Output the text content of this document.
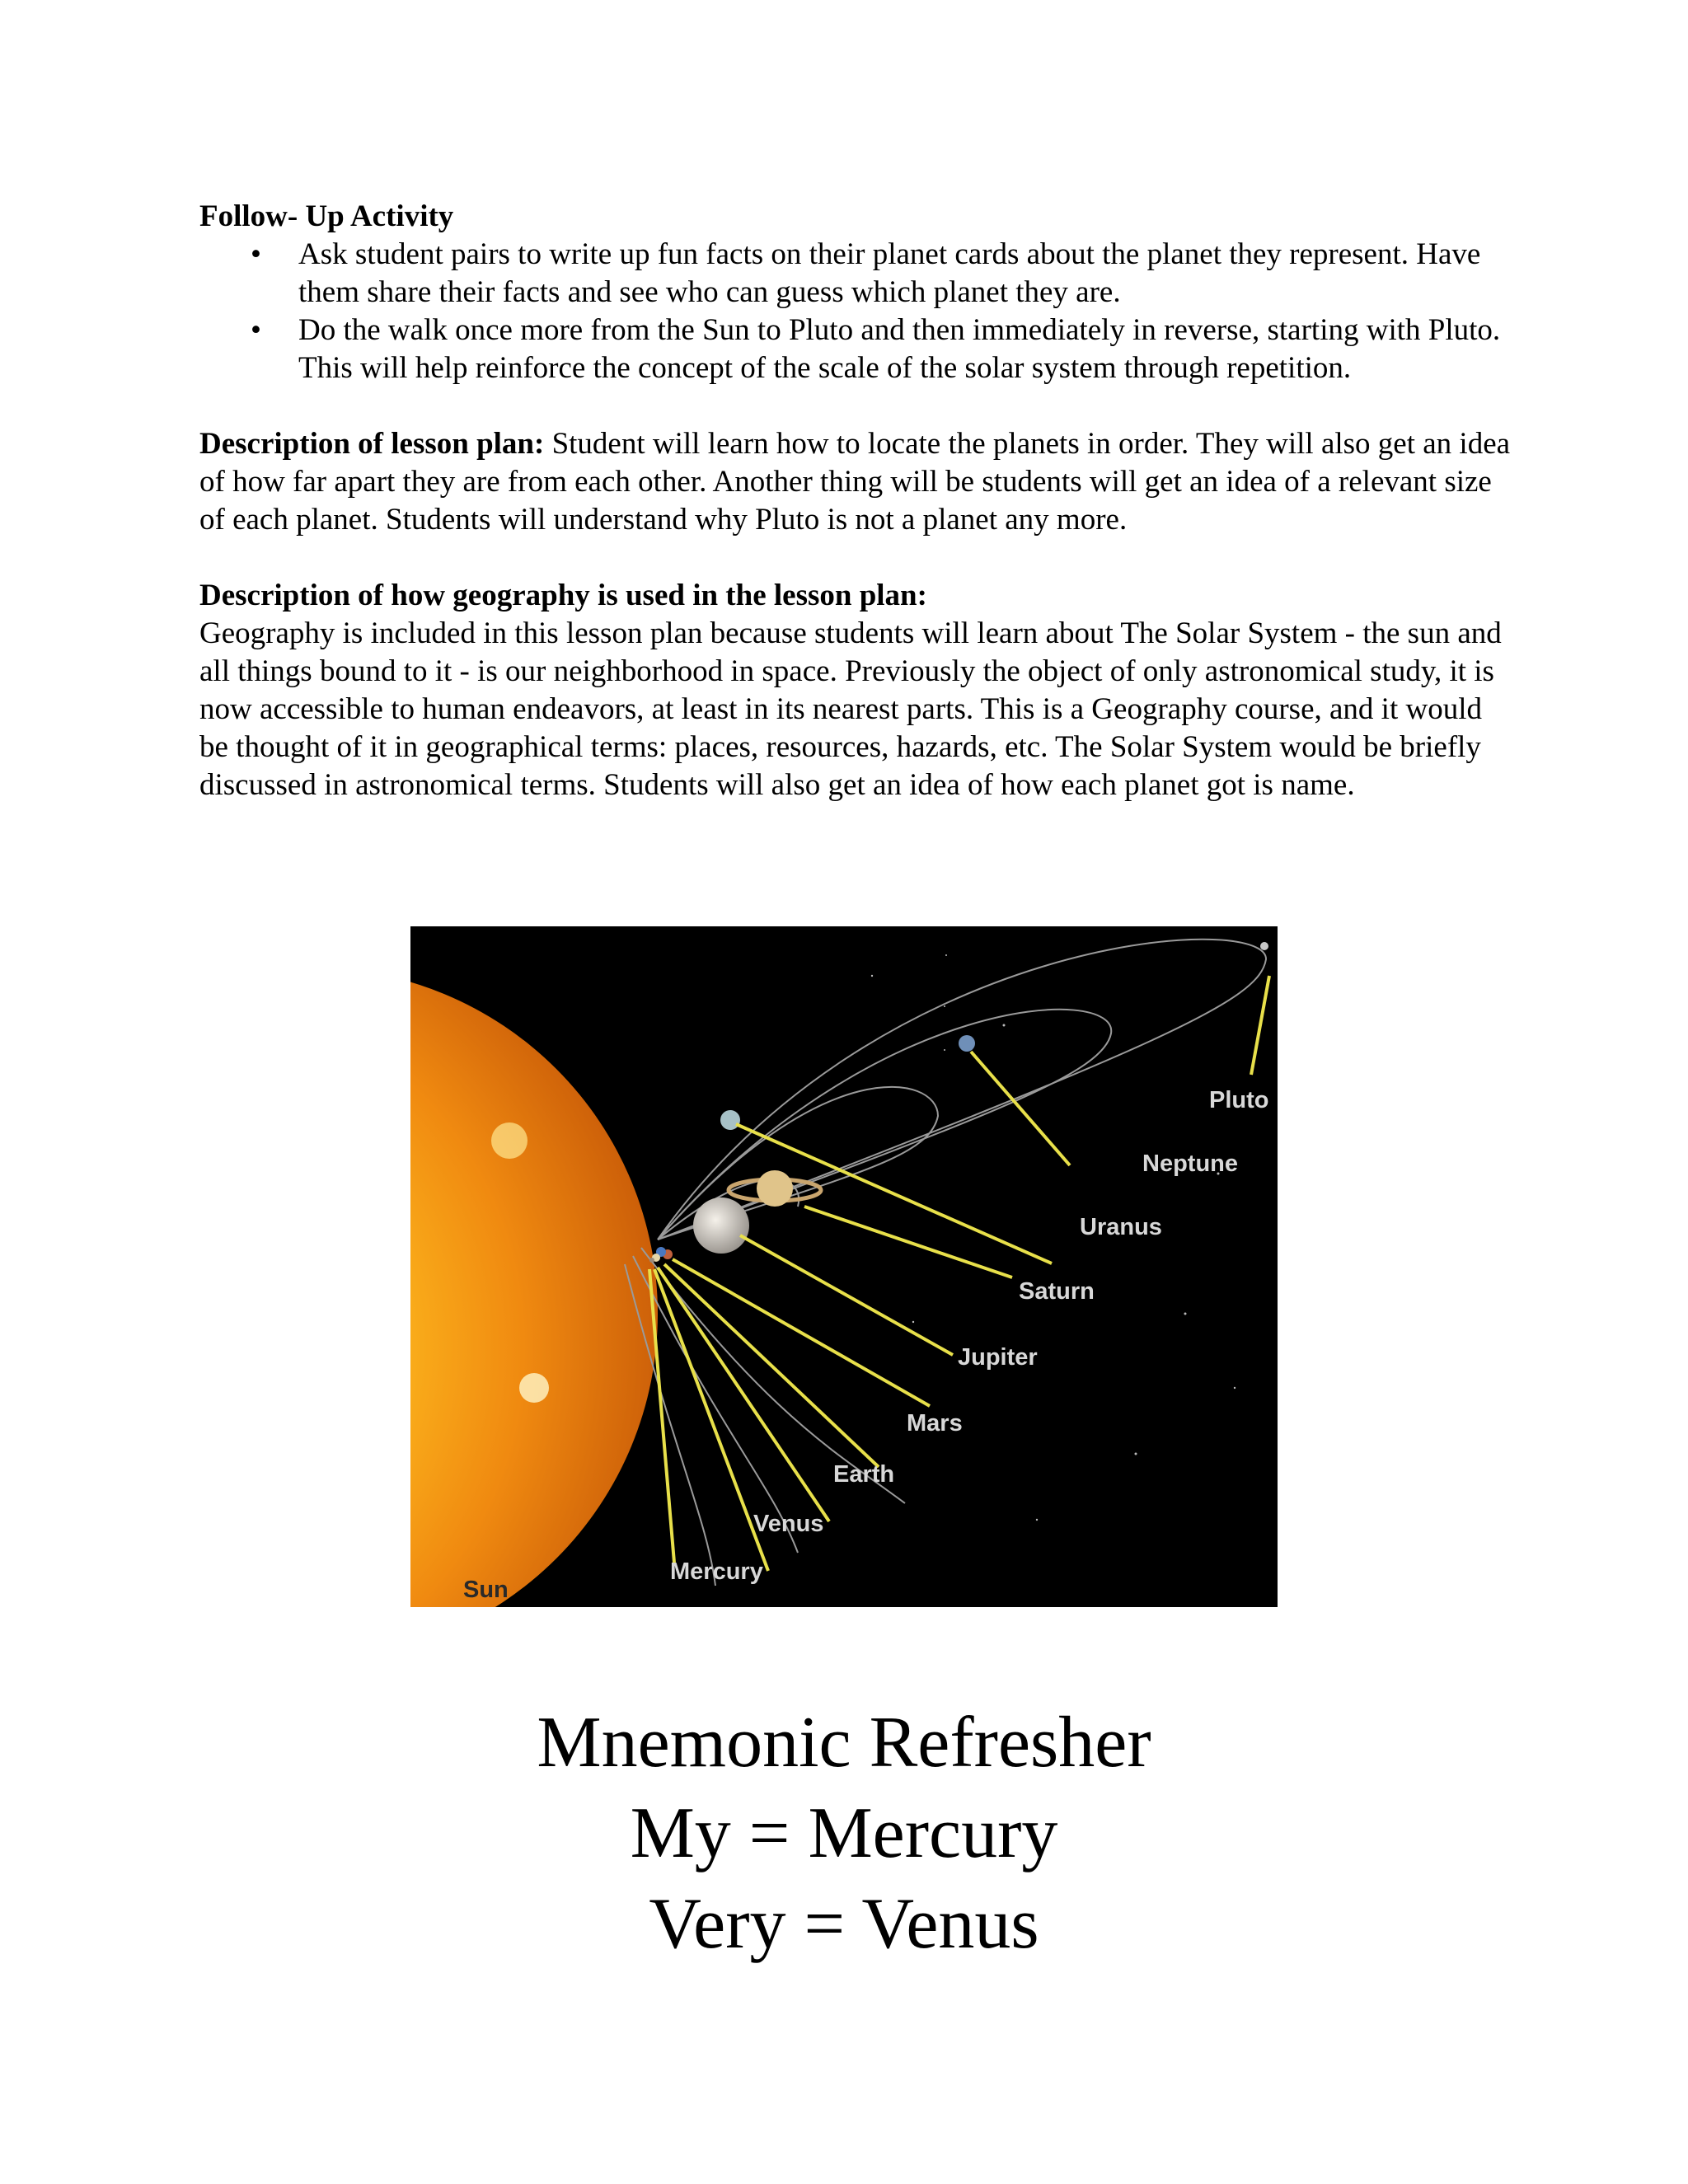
Follow- Up Activity

• Ask student pairs to write up fun facts on their planet cards about the planet they represent. Have them share their facts and see who can guess which planet they are.
• Do the walk once more from the Sun to Pluto and then immediately in reverse, starting with Pluto. This will help reinforce the concept of the scale of the solar system through repetition.

Description of lesson plan: Student will learn how to locate the planets in order. They will also get an idea of how far apart they are from each other. Another thing will be students will get an idea of a relevant size of each planet. Students will understand why Pluto is not a planet any more.

Description of how geography is used in the lesson plan:

Geography is included in this lesson plan because students will learn about The Solar System - the sun and all things bound to it - is our neighborhood in space. Previously the object of only astronomical study, it is now accessible to human endeavors, at least in its nearest parts. This is a Geography course, and it would be thought of it in geographical terms: places, resources, hazards, etc. The Solar System would be briefly discussed in astronomical terms. Students will also get an idea of how each planet got is name.

Pluto
Neptune
Uranus
Saturn
Jupiter
Mars
Earth
Venus
Mercury
Sun
Mnemonic Refresher
My = Mercury
Very = Venus
